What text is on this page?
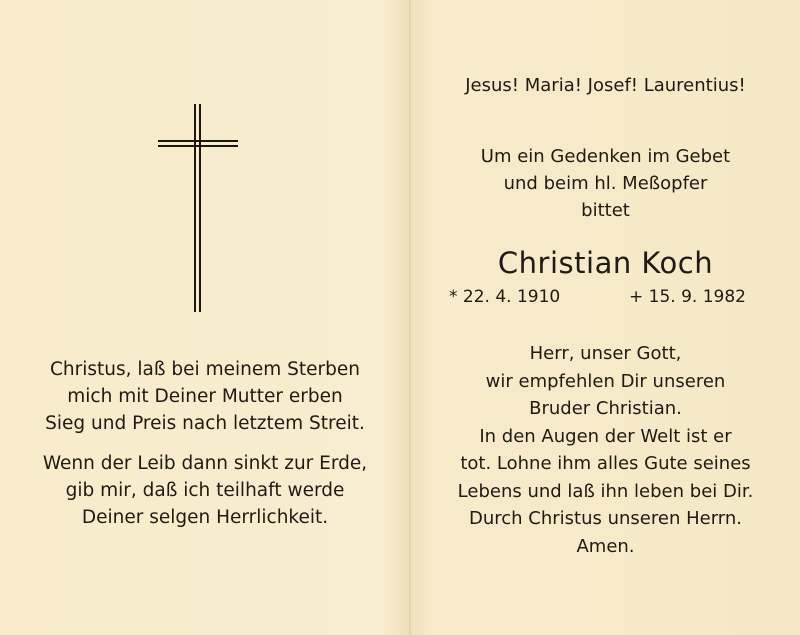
Christus, laß bei meinem Sterben

mich mit Deiner Mutter erben

Sieg und Preis nach letztem Streit.

Wenn der Leib dann sinkt zur Erde,

gib mir, daß ich teilhaft werde

Deiner selgen Herrlichkeit.

Jesus! Maria! Josef! Laurentius!

Um ein Gedenken im Gebet

und beim hl. Meßopfer

bittet

Christian Koch
* 22. 4. 1910	+ 15. 9. 1982

Herr, unser Gott,

wir empfehlen Dir unseren

Bruder Christian.

In den Augen der Welt ist er

tot. Lohne ihm alles Gute seines

Lebens und laß ihn leben bei Dir.

Durch Christus unseren Herrn.

Amen.
